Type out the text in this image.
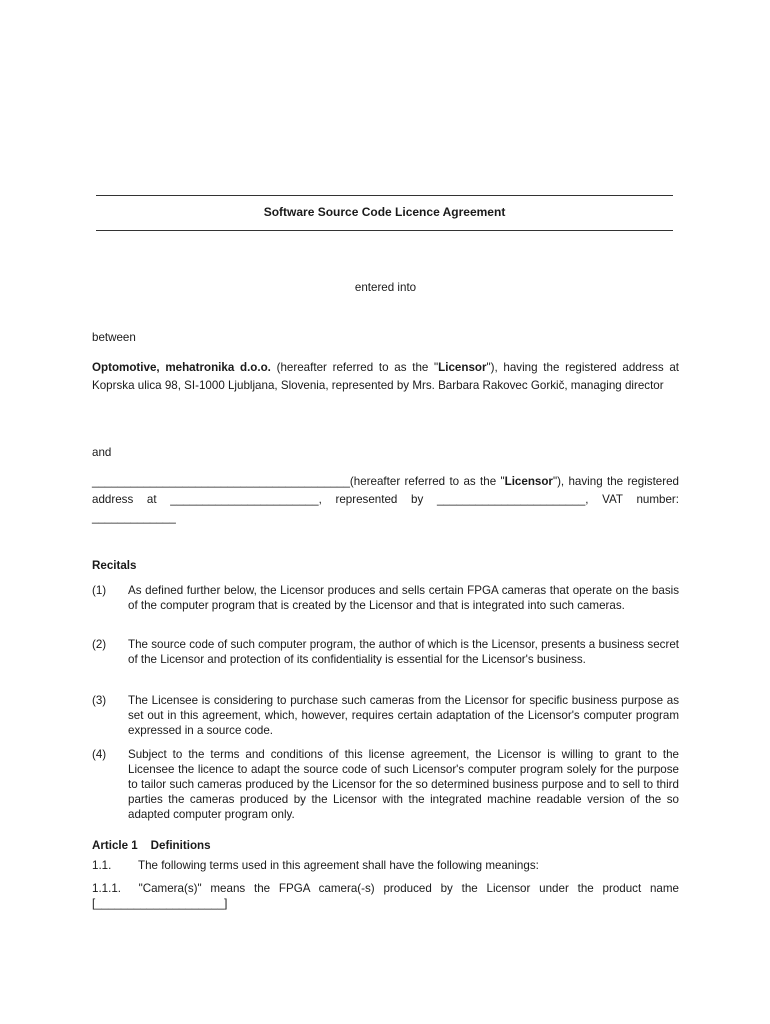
Software Source Code Licence Agreement
entered into
between
Optomotive, mehatronika d.o.o. (hereafter referred to as the "Licensor"), having the registered address at Koprska ulica 98, SI-1000 Ljubljana, Slovenia, represented by Mrs. Barbara Rakovec Gorkič, managing director
and
________________________________________(hereafter referred to as the "Licensor"), having the registered address at _______________________, represented by _______________________, VAT number: _____________
Recitals
(1) As defined further below, the Licensor produces and sells certain FPGA cameras that operate on the basis of the computer program that is created by the Licensor and that is integrated into such cameras.
(2) The source code of such computer program, the author of which is the Licensor, presents a business secret of the Licensor and protection of its confidentiality is essential for the Licensor's business.
(3) The Licensee is considering to purchase such cameras from the Licensor for specific business purpose as set out in this agreement, which, however, requires certain adaptation of the Licensor's computer program expressed in a source code.
(4) Subject to the terms and conditions of this license agreement, the Licensor is willing to grant to the Licensee the licence to adapt the source code of such Licensor's computer program solely for the purpose to tailor such cameras produced by the Licensor for the so determined business purpose and to sell to third parties the cameras produced by the Licensor with the integrated machine readable version of the so adapted computer program only.
Article 1 Definitions
1.1. The following terms used in this agreement shall have the following meanings:
1.1.1. "Camera(s)" means the FPGA camera(-s) produced by the Licensor under the product name [____________________]
